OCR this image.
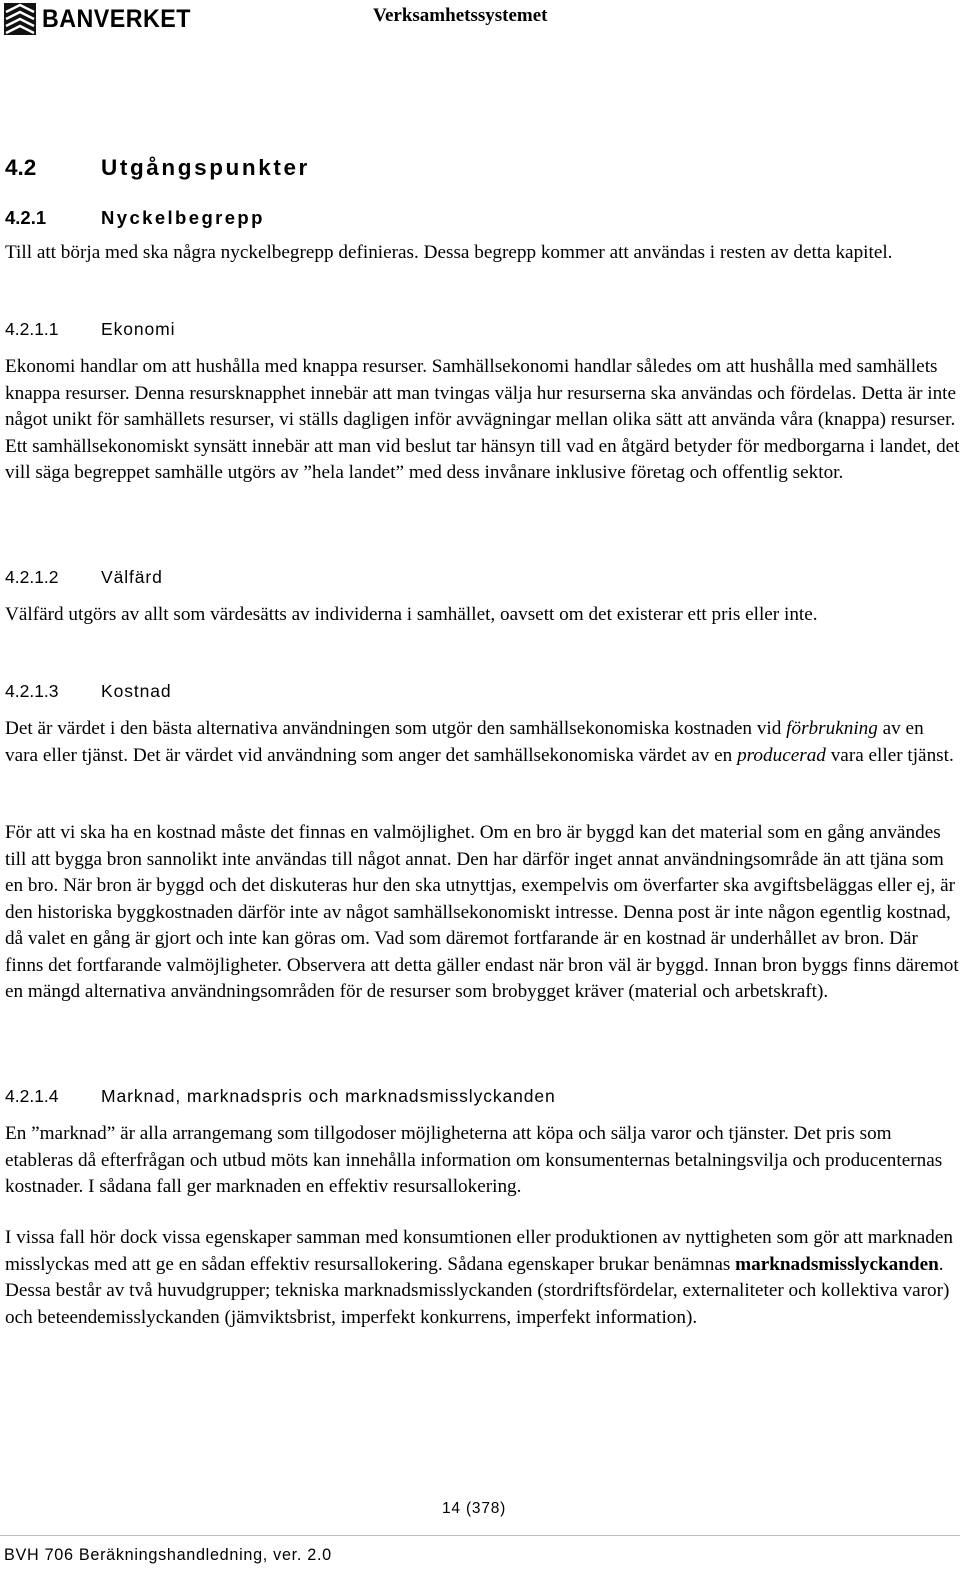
BANVERKET	Verksamhetssystemet
4.2	Utgångspunkter
4.2.1	Nyckelbegrepp

Till att börja med ska några nyckelbegrepp definieras. Dessa begrepp kommer att användas i resten av detta kapitel.

4.2.1.1 Ekonomi

Ekonomi handlar om att hushålla med knappa resurser. Samhällsekonomi handlar således om att hushålla med samhällets knappa resurser. Denna resursknapphet innebär att man tvingas välja hur resurserna ska användas och fördelas. Detta är inte något unikt för samhällets resurser, vi ställs dagligen inför avvägningar mellan olika sätt att använda våra (knappa) resurser. Ett samhällsekonomiskt synsätt innebär att man vid beslut tar hänsyn till vad en åtgärd betyder för medborgarna i landet, det vill säga begreppet samhälle utgörs av ”hela landet” med dess invånare inklusive företag och offentlig sektor.

4.2.1.2 Välfärd

Välfärd utgörs av allt som värdesätts av individerna i samhället, oavsett om det existerar ett pris eller inte.

4.2.1.3 Kostnad

Det är värdet i den bästa alternativa användningen som utgör den samhällsekonomiska kostnaden vid förbrukning av en vara eller tjänst. Det är värdet vid användning som anger det samhällsekonomiska värdet av en producerad vara eller tjänst.

För att vi ska ha en kostnad måste det finnas en valmöjlighet. Om en bro är byggd kan det material som en gång användes till att bygga bron sannolikt inte användas till något annat. Den har därför inget annat användningsområde än att tjäna som en bro. När bron är byggd och det diskuteras hur den ska utnyttjas, exempelvis om överfarter ska avgiftsbeläggas eller ej, är den historiska byggkostnaden därför inte av något samhällsekonomiskt intresse. Denna post är inte någon egentlig kostnad, då valet en gång är gjort och inte kan göras om. Vad som däremot fortfarande är en kostnad är underhållet av bron. Där finns det fortfarande valmöjligheter. Observera att detta gäller endast när bron väl är byggd. Innan bron byggs finns däremot en mängd alternativa användningsområden för de resurser som brobygget kräver (material och arbetskraft).

4.2.1.4 Marknad, marknadspris och marknadsmisslyckanden

En ”marknad” är alla arrangemang som tillgodoser möjligheterna att köpa och sälja varor och tjänster. Det pris som etableras då efterfrågan och utbud möts kan innehålla information om konsumenternas betalningsvilja och producenternas kostnader. I sådana fall ger marknaden en effektiv resursallokering.

I vissa fall hör dock vissa egenskaper samman med konsumtionen eller produktionen av nyttigheten som gör att marknaden misslyckas med att ge en sådan effektiv resursallokering. Sådana egenskaper brukar benämnas marknadsmisslyckanden. Dessa består av två huvudgrupper; tekniska marknadsmisslyckanden (stordriftsfördelar, externaliteter och kollektiva varor) och beteendemisslyckanden (jämviktsbrist, imperfekt konkurrens, imperfekt information).

14 (378)
BVH 706 Beräkningshandledning, ver. 2.0
